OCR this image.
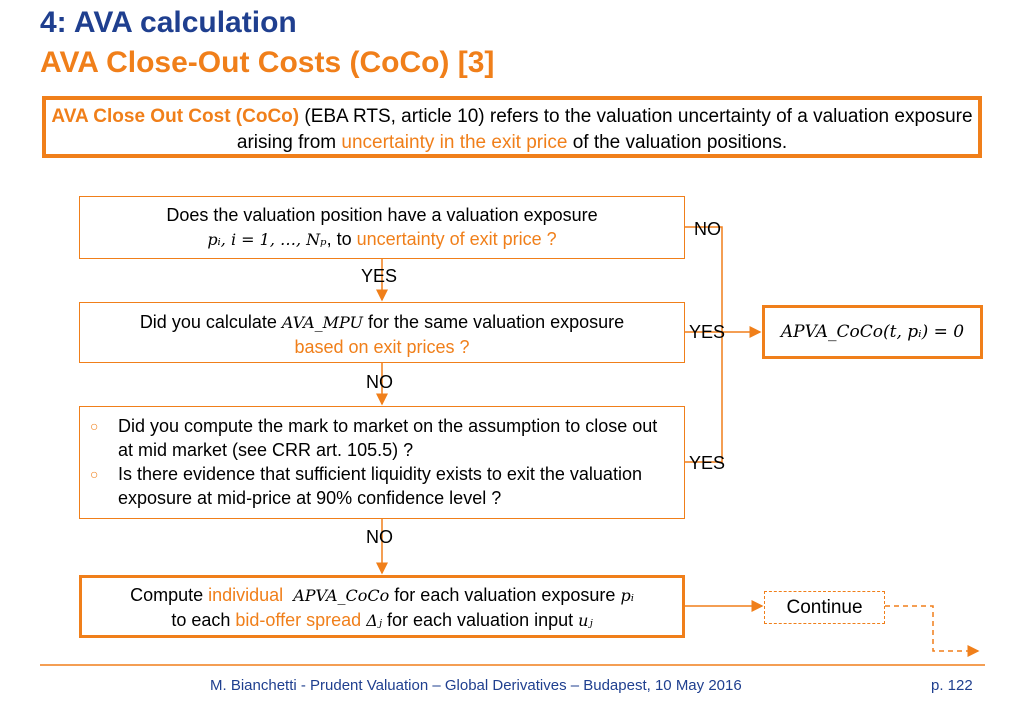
4: AVA calculation
AVA Close-Out Costs (CoCo) [3]
AVA Close Out Cost (CoCo) (EBA RTS, article 10) refers to the valuation uncertainty of a valuation exposure arising from uncertainty in the exit price of the valuation positions.
Does the valuation position have a valuation exposure
pᵢ, i = 1, …, Nₚ, to uncertainty of exit price ?
Did you calculate AVA_MPU for the same valuation exposure
based on exit prices ?
○	Did you compute the mark to market on the assumption to close out at mid market (see CRR art. 105.5) ?
○	Is there evidence that sufficient liquidity exists to exit the valuation exposure at mid-price at 90% confidence level ?
APVA_CoCo(t, pᵢ) = 0
Compute individual APVA_CoCo for each valuation exposure pᵢ
to each bid-offer spread Δⱼ for each valuation input uⱼ
Continue
NO
YES
YES
NO
YES
NO
M. Bianchetti - Prudent Valuation – Global Derivatives – Budapest, 10 May 2016	p. 122
